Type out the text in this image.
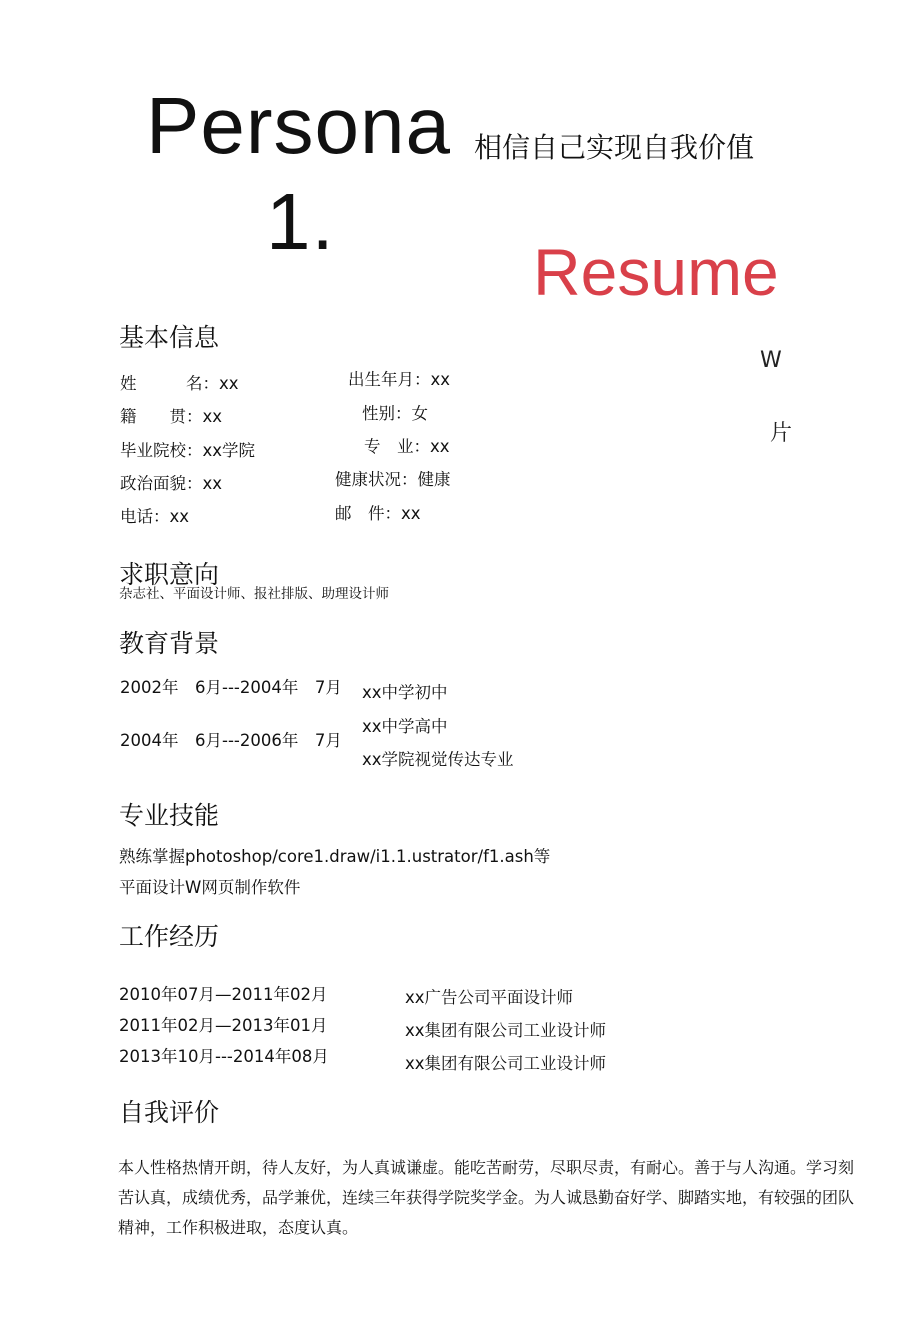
Persona 相信自己实现自我价值
1.
Resume
W
片
基本信息
姓　　　名：xx
籍　　贯：xx
毕业院校：xx学院
政治面貌：xx
电话：xx
出生年月：xx
性别：女
专　业：xx
健康状况：健康
邮　件：xx
求职意向
杂志社、平面设计师、报社排版、助理设计师
教育背景
2002年　6月---2004年　7月
2004年　6月---2006年　7月
xx中学初中
xx中学高中
xx学院视觉传达专业
专业技能
熟练掌握photoshop/core1.draw/i1.1.ustrator/f1.ash等
平面设计W网页制作软件
工作经历
2010年07月—2011年02月
2011年02月—2013年01月
2013年10月---2014年08月
xx广告公司平面设计师
xx集团有限公司工业设计师
xx集团有限公司工业设计师
自我评价
本人性格热情开朗，待人友好，为人真诚谦虚。能吃苦耐劳，尽职尽责，有耐心。善于与人沟通。学习刻苦认真，成绩优秀，品学兼优，连续三年获得学院奖学金。为人诚恳勤奋好学、脚踏实地，有较强的团队精神，工作积极进取，态度认真。
